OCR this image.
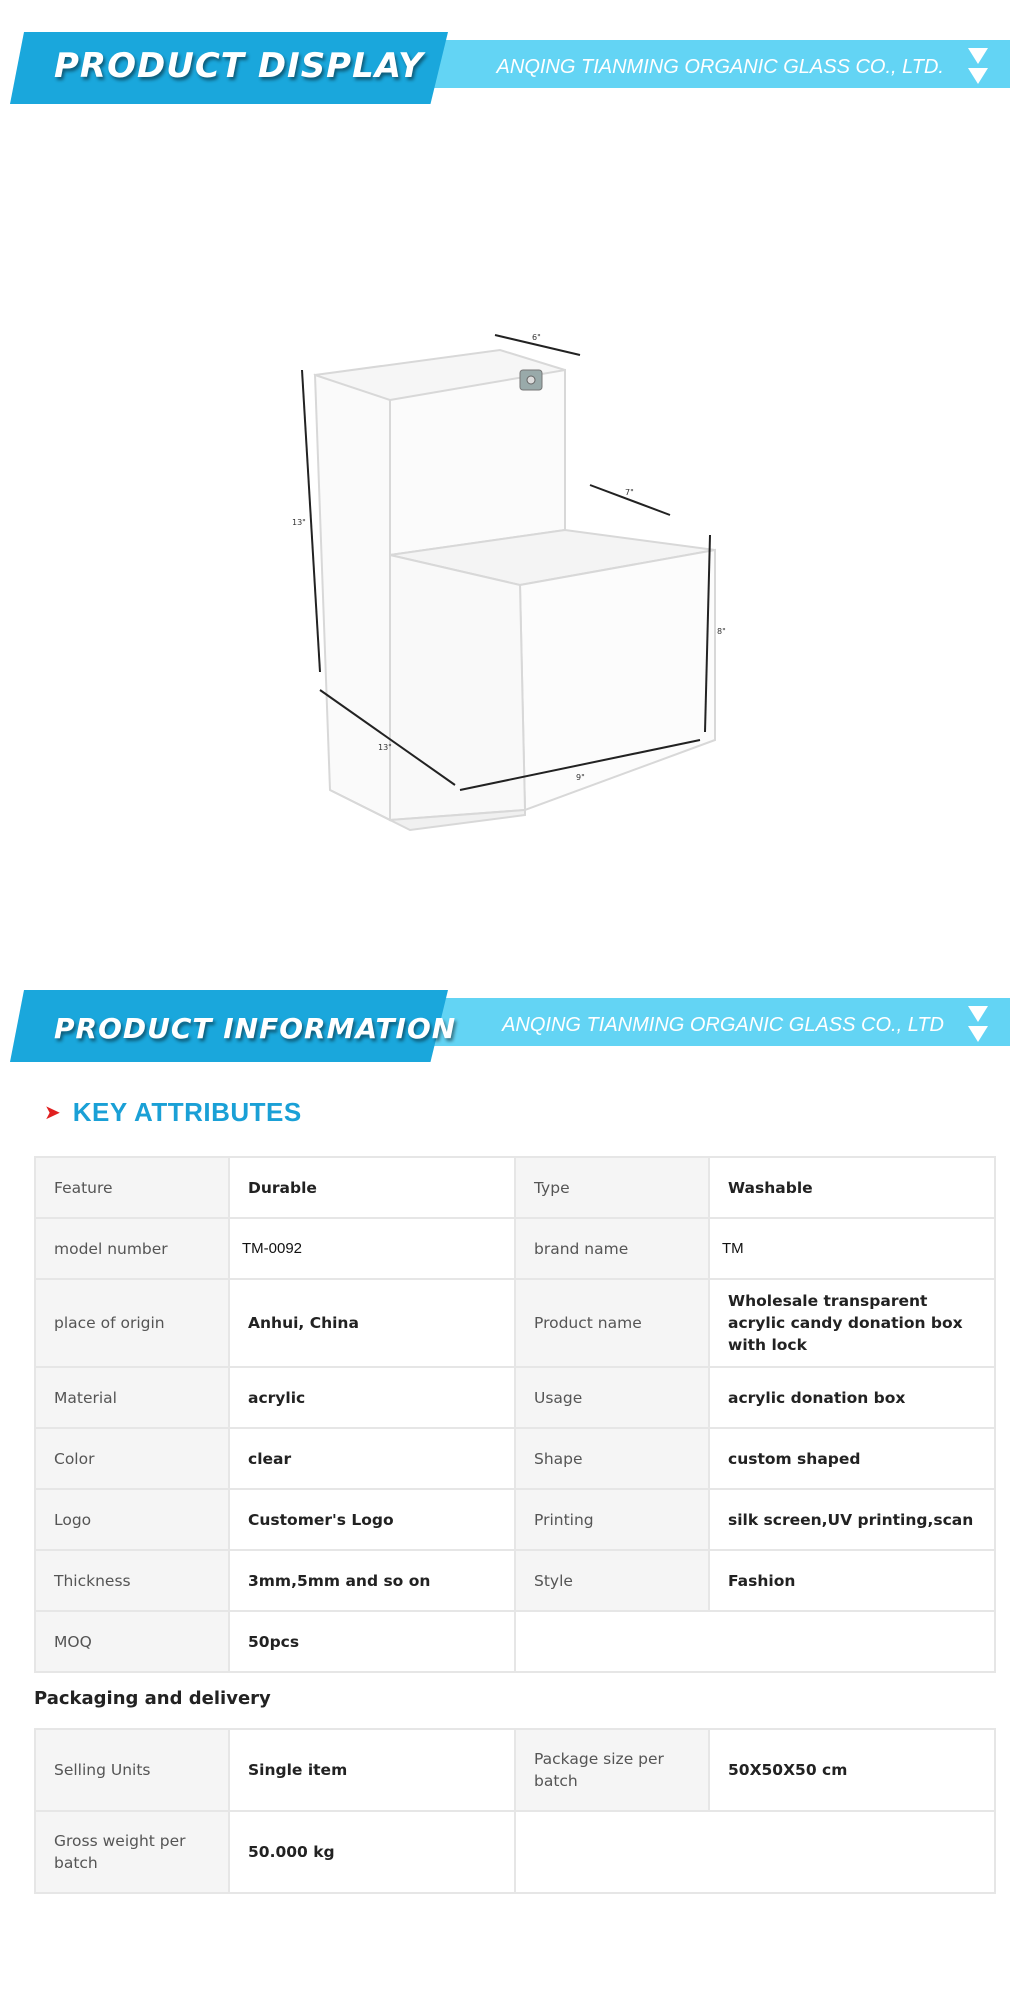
PRODUCT DISPLAY	ANQING TIANMING ORGANIC GLASS CO., LTD.
6"
7"
13"
8"
13"
9"
PRODUCT INFORMATION ANQING TIANMING ORGANIC GLASS CO., LTD
➤ KEY ATTRIBUTES
Feature	Durable	Type	Washable
model number	TM-0092	brand name	TM
place of origin	Anhui, China	Product name	Wholesale transparent acrylic candy donation box with lock
Material	acrylic	Usage	acrylic donation box
Color	clear	Shape	custom shaped
Logo	Customer's Logo	Printing	silk screen,UV printing,scan
Thickness	3mm,5mm and so on	Style	Fashion
MOQ	50pcs		
Packaging and delivery
Selling Units	Single item	Package size per batch	50X50X50 cm
Gross weight per batch	50.000 kg		
